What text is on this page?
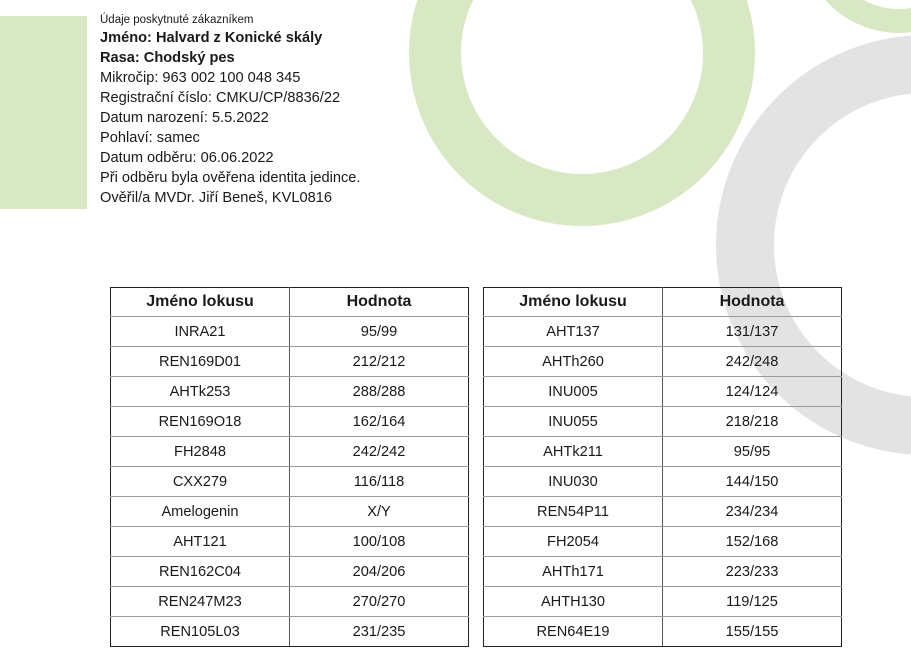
Údaje poskytnuté zákazníkem
Jméno: Halvard z Konické skály
Rasa: Chodský pes
Mikročip: 963 002 100 048 345
Registrační číslo: CMKU/CP/8836/22
Datum narození: 5.5.2022
Pohlaví: samec
Datum odběru: 06.06.2022
Při odběru byla ověřena identita jedince.
Ověřil/a MVDr. Jiří Beneš, KVL0816
Jméno lokusu	Hodnota
INRA21	95/99
REN169D01	212/212
AHTk253	288/288
REN169O18	162/164
FH2848	242/242
CXX279	116/118
Amelogenin	X/Y
AHT121	100/108
REN162C04	204/206
REN247M23	270/270
REN105L03	231/235
Jméno lokusu	Hodnota
AHT137	131/137
AHTh260	242/248
INU005	124/124
INU055	218/218
AHTk211	95/95
INU030	144/150
REN54P11	234/234
FH2054	152/168
AHTh171	223/233
AHTH130	119/125
REN64E19	155/155
